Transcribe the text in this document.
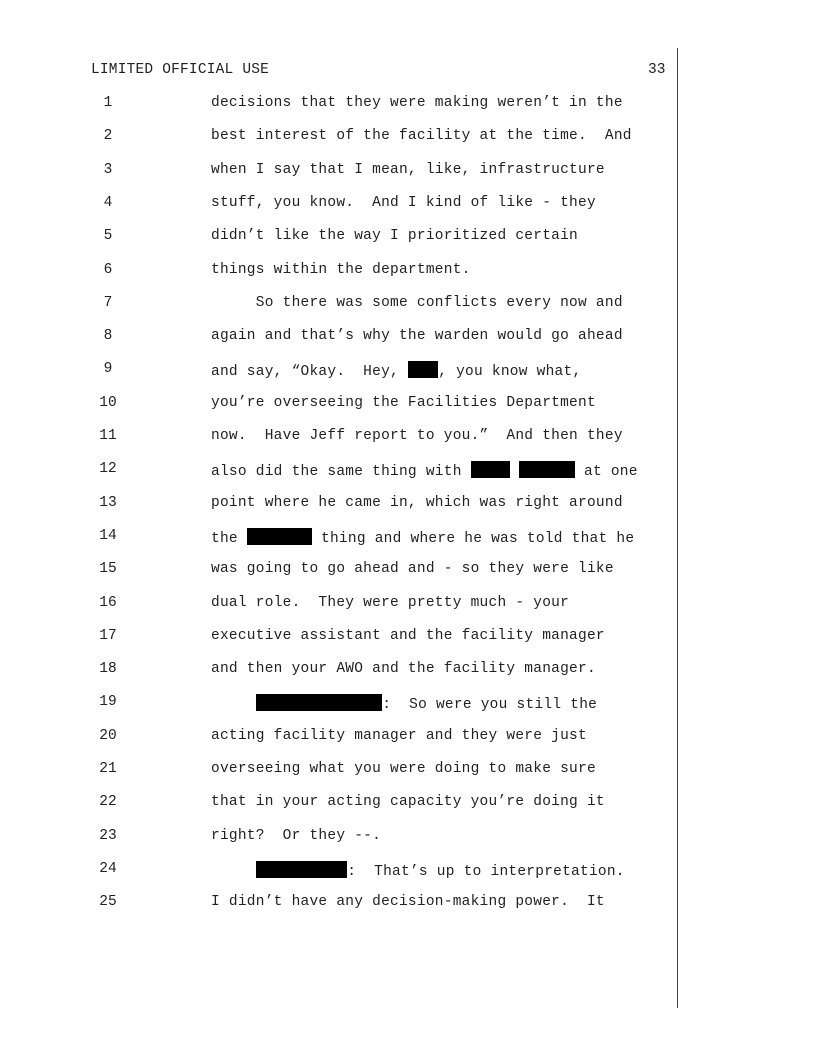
LIMITED OFFICIAL USE	33
1	decisions that they were making weren’t in the
2	best interest of the facility at the time.  And
3	when I say that I mean, like, infrastructure
4	stuff, you know.  And I kind of like - they
5	didn’t like the way I prioritized certain
6	things within the department.
7	So there was some conflicts every now and
8	again and that’s why the warden would go ahead
9	and say, “Okay.  Hey, , you know what,
10	you’re overseeing the Facilities Department
11	now.  Have Jeff report to you.”  And then they
12	also did the same thing with	at one
13	point where he came in, which was right around
14	the	thing and where he was told that he
15	was going to go ahead and - so they were like
16	dual role.  They were pretty much - your
17	executive assistant and the facility manager
18	and then your AWO and the facility manager.
19	:  So were you still the
20	acting facility manager and they were just
21	overseeing what you were doing to make sure
22	that in your acting capacity you’re doing it
23	right?  Or they --.
24	:  That’s up to interpretation.
25	I didn’t have any decision-making power.  It
